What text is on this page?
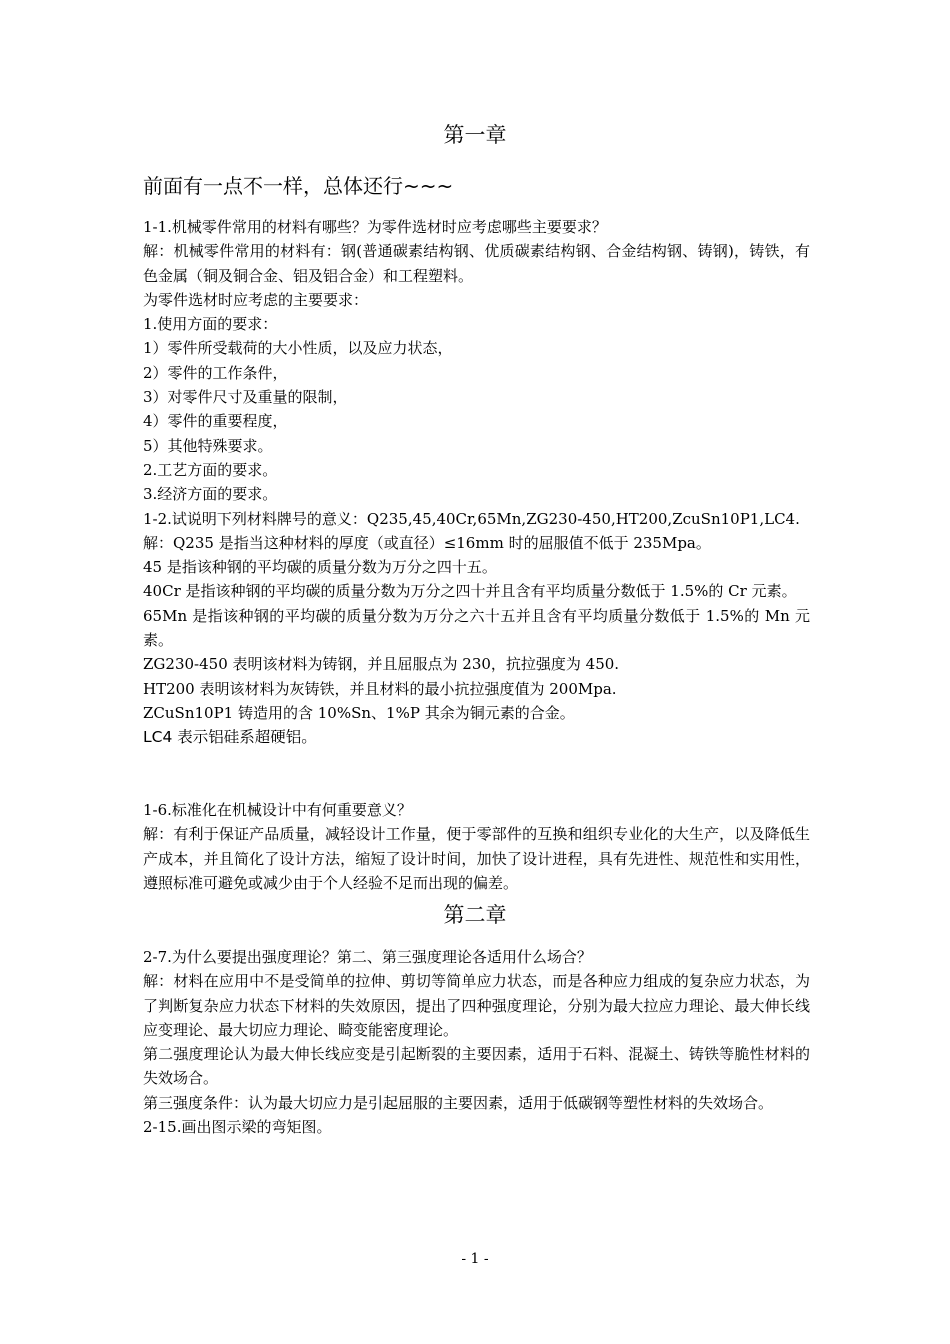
第一章
前面有一点不一样，总体还行~~~
1-1.机械零件常用的材料有哪些？为零件选材时应考虑哪些主要要求？
解：机械零件常用的材料有：钢(普通碳素结构钢、优质碳素结构钢、合金结构钢、铸钢)，铸铁，有色金属（铜及铜合金、铝及铝合金）和工程塑料。
为零件选材时应考虑的主要要求：
1.使用方面的要求：
1）零件所受载荷的大小性质，以及应力状态，
2）零件的工作条件，
3）对零件尺寸及重量的限制，
4）零件的重要程度，
5）其他特殊要求。
2.工艺方面的要求。
3.经济方面的要求。
1-2.试说明下列材料牌号的意义：Q235,45,40Cr,65Mn,ZG230-450,HT200,ZcuSn10P1,LC4.
解：Q235 是指当这种材料的厚度（或直径）≤16mm 时的屈服值不低于 235Mpa。
45 是指该种钢的平均碳的质量分数为万分之四十五。
40Cr 是指该种钢的平均碳的质量分数为万分之四十并且含有平均质量分数低于 1.5%的 Cr 元素。
65Mn 是指该种钢的平均碳的质量分数为万分之六十五并且含有平均质量分数低于 1.5%的 Mn 元素。
ZG230-450 表明该材料为铸钢，并且屈服点为 230，抗拉强度为 450.
HT200 表明该材料为灰铸铁，并且材料的最小抗拉强度值为 200Mpa.
ZCuSn10P1 铸造用的含 10%Sn、1%P 其余为铜元素的合金。
LC4 表示铝硅系超硬铝。
1-6.标准化在机械设计中有何重要意义？
解：有利于保证产品质量，减轻设计工作量，便于零部件的互换和组织专业化的大生产，以及降低生产成本，并且简化了设计方法，缩短了设计时间，加快了设计进程，具有先进性、规范性和实用性，遵照标准可避免或减少由于个人经验不足而出现的偏差。
第二章
2-7.为什么要提出强度理论？第二、第三强度理论各适用什么场合？
解：材料在应用中不是受简单的拉伸、剪切等简单应力状态，而是各种应力组成的复杂应力状态，为了判断复杂应力状态下材料的失效原因，提出了四种强度理论，分别为最大拉应力理论、最大伸长线应变理论、最大切应力理论、畸变能密度理论。
第二强度理论认为最大伸长线应变是引起断裂的主要因素，适用于石料、混凝土、铸铁等脆性材料的失效场合。
第三强度条件：认为最大切应力是引起屈服的主要因素，适用于低碳钢等塑性材料的失效场合。
2-15.画出图示梁的弯矩图。
- 1 -
